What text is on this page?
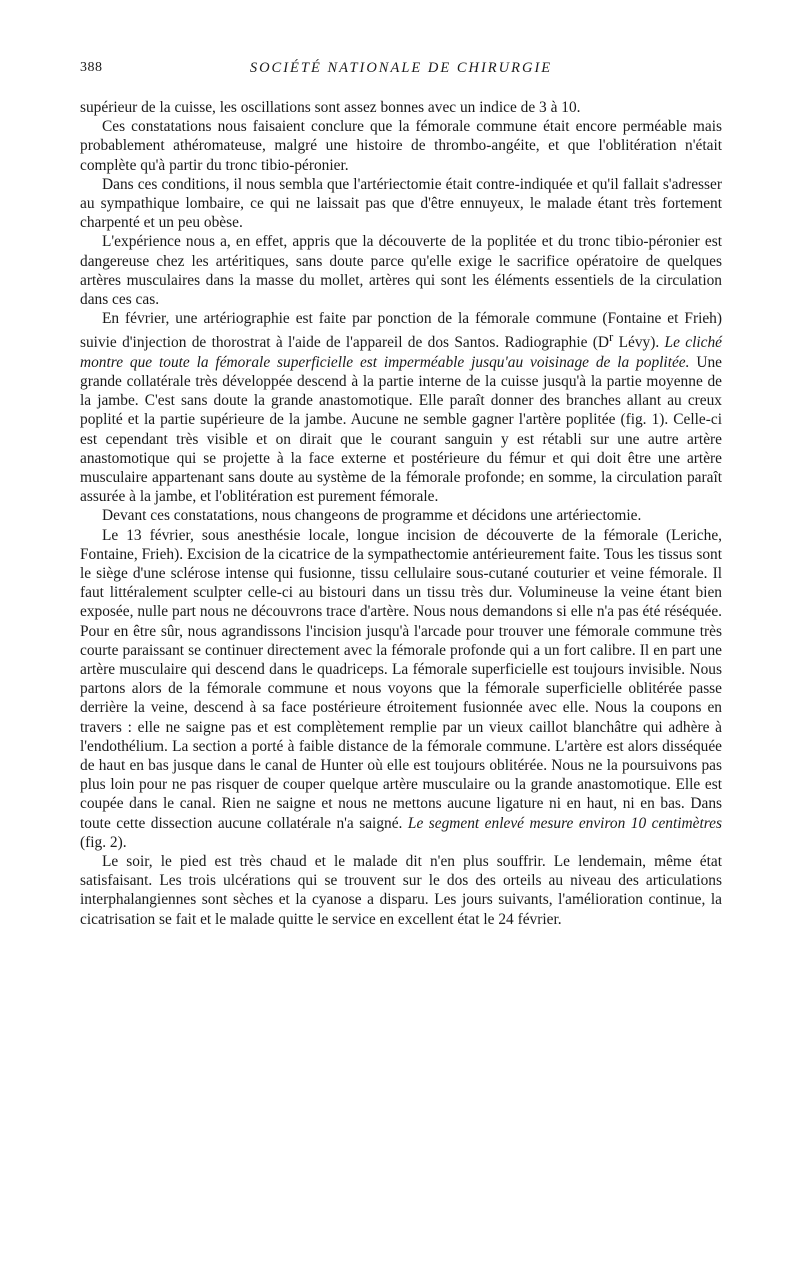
388	SOCIÉTÉ NATIONALE DE CHIRURGIE

supérieur de la cuisse, les oscillations sont assez bonnes avec un indice de 3 à 10.

Ces constatations nous faisaient conclure que la fémorale commune était encore perméable mais probablement athéromateuse, malgré une histoire de thrombo-angéite, et que l'oblitération n'était complète qu'à partir du tronc tibio-péronier.

Dans ces conditions, il nous sembla que l'artériectomie était contre-indiquée et qu'il fallait s'adresser au sympathique lombaire, ce qui ne laissait pas que d'être ennuyeux, le malade étant très fortement charpenté et un peu obèse.

L'expérience nous a, en effet, appris que la découverte de la poplitée et du tronc tibio-péronier est dangereuse chez les artéritiques, sans doute parce qu'elle exige le sacrifice opératoire de quelques artères musculaires dans la masse du mollet, artères qui sont les éléments essentiels de la circulation dans ces cas.

En février, une artériographie est faite par ponction de la fémorale commune (Fontaine et Frieh) suivie d'injection de thorostrat à l'aide de l'appareil de dos Santos. Radiographie ($D^r$ Lévy). Le cliché montre que toute la fémorale superficielle est imperméable jusqu'au voisinage de la poplitée. Une grande collatérale très développée descend à la partie interne de la cuisse jusqu'à la partie moyenne de la jambe. C'est sans doute la grande anastomotique. Elle paraît donner des branches allant au creux poplité et la partie supérieure de la jambe. Aucune ne semble gagner l'artère poplitée (fig. 1). Celle-ci est cependant très visible et on dirait que le courant sanguin y est rétabli sur une autre artère anastomotique qui se projette à la face externe et postérieure du fémur et qui doit être une artère musculaire appartenant sans doute au système de la fémorale profonde; en somme, la circulation paraît assurée à la jambe, et l'oblitération est purement fémorale.

Devant ces constatations, nous changeons de programme et décidons une artériectomie.

Le 13 février, sous anesthésie locale, longue incision de découverte de la fémorale (Leriche, Fontaine, Frieh). Excision de la cicatrice de la sympathectomie antérieurement faite. Tous les tissus sont le siège d'une sclérose intense qui fusionne, tissu cellulaire sous-cutané couturier et veine fémorale. Il faut littéralement sculpter celle-ci au bistouri dans un tissu très dur. Volumineuse la veine étant bien exposée, nulle part nous ne découvrons trace d'artère. Nous nous demandons si elle n'a pas été réséquée. Pour en être sûr, nous agrandissons l'incision jusqu'à l'arcade pour trouver une fémorale commune très courte paraissant se continuer directement avec la fémorale profonde qui a un fort calibre. Il en part une artère musculaire qui descend dans le quadriceps. La fémorale superficielle est toujours invisible. Nous partons alors de la fémorale commune et nous voyons que la fémorale superficielle oblitérée passe derrière la veine, descend à sa face postérieure étroitement fusionnée avec elle. Nous la coupons en travers : elle ne saigne pas et est complètement remplie par un vieux caillot blanchâtre qui adhère à l'endothélium. La section a porté à faible distance de la fémorale commune. L'artère est alors disséquée de haut en bas jusque dans le canal de Hunter où elle est toujours oblitérée. Nous ne la poursuivons pas plus loin pour ne pas risquer de couper quelque artère musculaire ou la grande anastomotique. Elle est coupée dans le canal. Rien ne saigne et nous ne mettons aucune ligature ni en haut, ni en bas. Dans toute cette dissection aucune collatérale n'a saigné. Le segment enlevé mesure environ 10 centimètres (fig. 2).

Le soir, le pied est très chaud et le malade dit n'en plus souffrir. Le lendemain, même état satisfaisant. Les trois ulcérations qui se trouvent sur le dos des orteils au niveau des articulations interphalangiennes sont sèches et la cyanose a disparu. Les jours suivants, l'amélioration continue, la cicatrisation se fait et le malade quitte le service en excellent état le 24 février.
